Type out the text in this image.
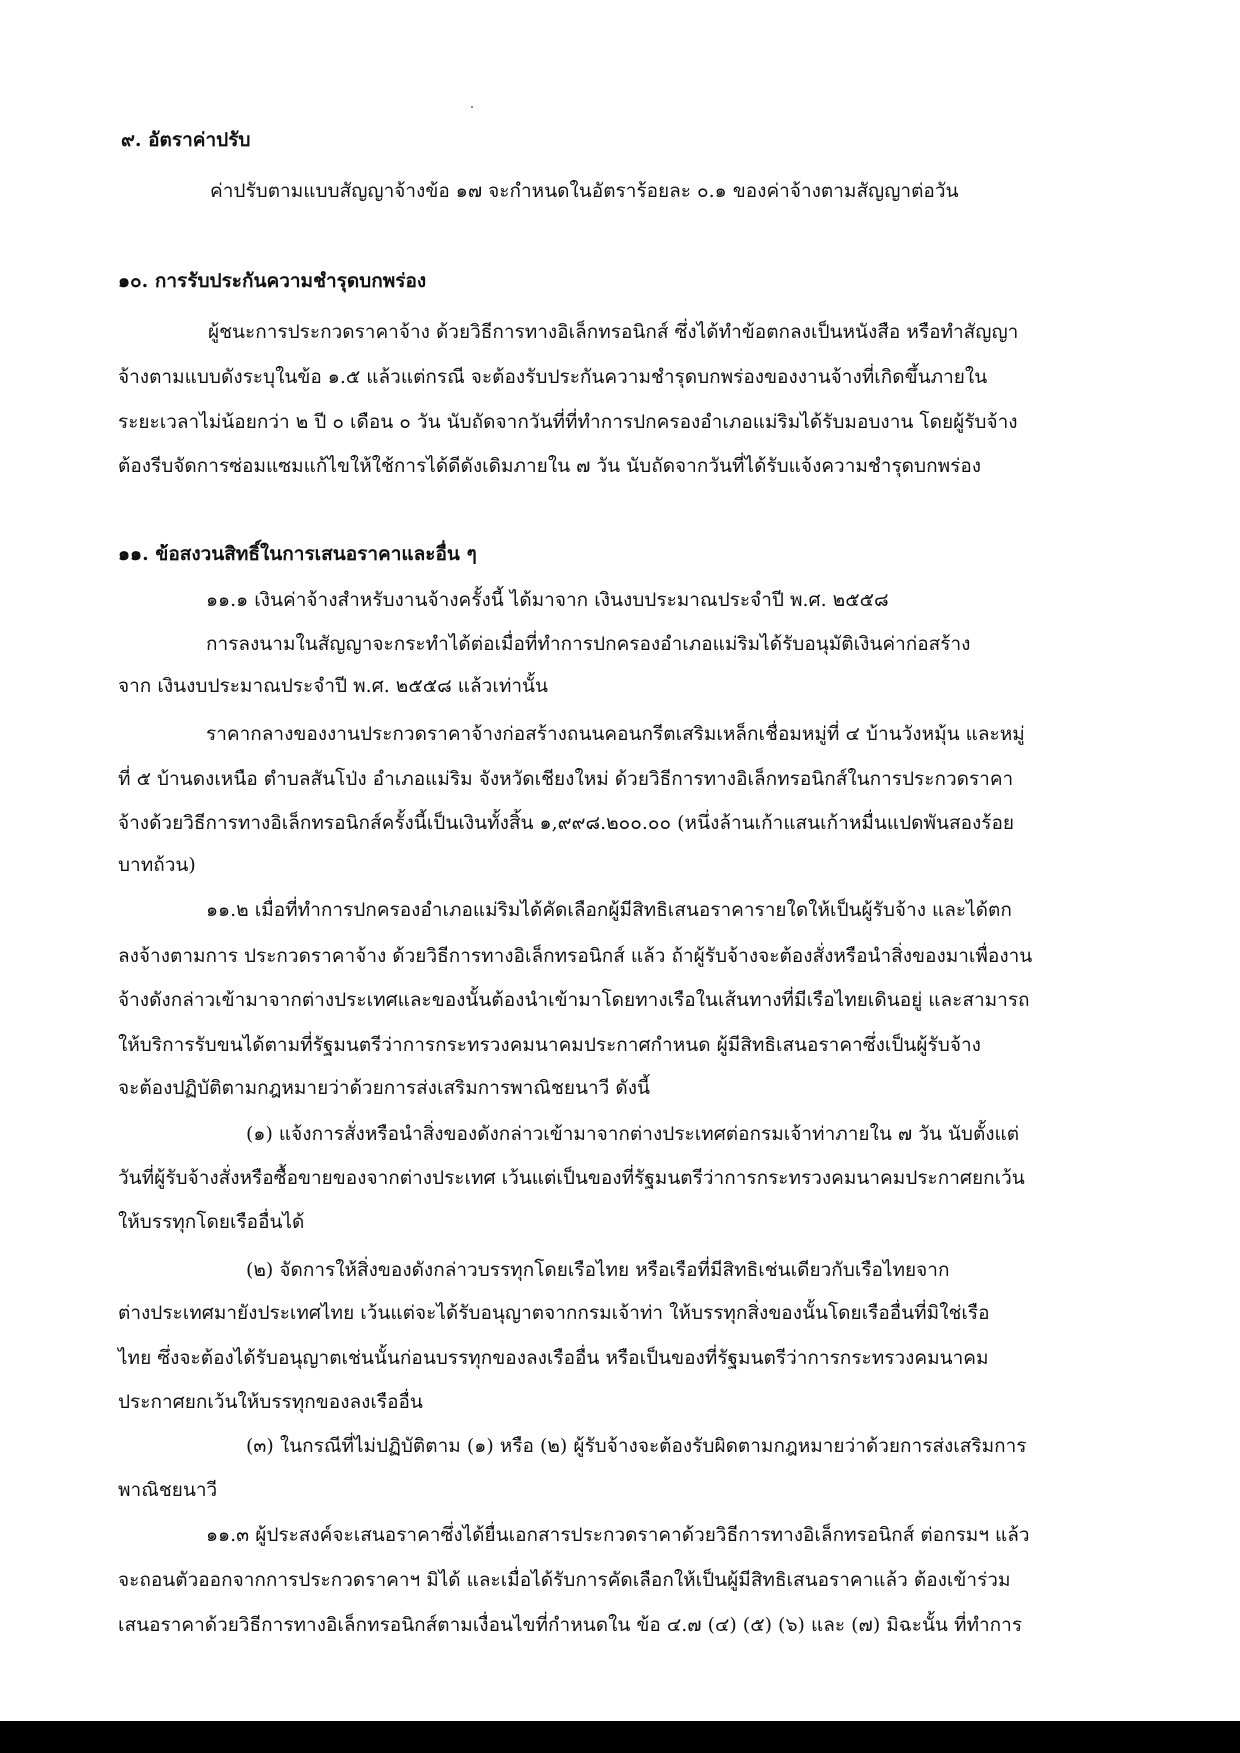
๙. อัตราค่าปรับ
ค่าปรับตามแบบสัญญาจ้างข้อ ๑๗ จะกำหนดในอัตราร้อยละ ๐.๑ ของค่าจ้างตามสัญญาต่อวัน
๑๐. การรับประกันความชำรุดบกพร่อง
ผู้ชนะการประกวดราคาจ้าง ด้วยวิธีการทางอิเล็กทรอนิกส์ ซึ่งได้ทำข้อตกลงเป็นหนังสือ หรือทำสัญญา
จ้างตามแบบดังระบุในข้อ ๑.๕ แล้วแต่กรณี จะต้องรับประกันความชำรุดบกพร่องของงานจ้างที่เกิดขึ้นภายใน
ระยะเวลาไม่น้อยกว่า ๒ ปี ๐ เดือน ๐ วัน นับถัดจากวันที่ที่ทำการปกครองอำเภอแม่ริมได้รับมอบงาน โดยผู้รับจ้าง
ต้องรีบจัดการซ่อมแซมแก้ไขให้ใช้การได้ดีดังเดิมภายใน ๗ วัน นับถัดจากวันที่ได้รับแจ้งความชำรุดบกพร่อง
๑๑. ข้อสงวนสิทธิ์ในการเสนอราคาและอื่น ๆ
๑๑.๑ เงินค่าจ้างสำหรับงานจ้างครั้งนี้ ได้มาจาก เงินงบประมาณประจำปี พ.ศ. ๒๕๕๘
การลงนามในสัญญาจะกระทำได้ต่อเมื่อที่ทำการปกครองอำเภอแม่ริมได้รับอนุมัติเงินค่าก่อสร้าง
จาก เงินงบประมาณประจำปี พ.ศ. ๒๕๕๘ แล้วเท่านั้น
ราคากลางของงานประกวดราคาจ้างก่อสร้างถนนคอนกรีตเสริมเหล็กเชื่อมหมู่ที่ ๔ บ้านวังหมุ้น และหมู่
ที่ ๕ บ้านดงเหนือ ตำบลสันโป่ง อำเภอแม่ริม จังหวัดเชียงใหม่ ด้วยวิธีการทางอิเล็กทรอนิกส์ในการประกวดราคา
จ้างด้วยวิธีการทางอิเล็กทรอนิกส์ครั้งนี้เป็นเงินทั้งสิ้น ๑,๙๙๘.๒๐๐.๐๐ (หนึ่งล้านเก้าแสนเก้าหมื่นแปดพันสองร้อย
บาทถ้วน)
๑๑.๒ เมื่อที่ทำการปกครองอำเภอแม่ริมได้คัดเลือกผู้มีสิทธิเสนอราคารายใดให้เป็นผู้รับจ้าง และได้ตก
ลงจ้างตามการ ประกวดราคาจ้าง ด้วยวิธีการทางอิเล็กทรอนิกส์ แล้ว ถ้าผู้รับจ้างจะต้องสั่งหรือนำสิ่งของมาเพื่องาน
จ้างดังกล่าวเข้ามาจากต่างประเทศและของนั้นต้องนำเข้ามาโดยทางเรือในเส้นทางที่มีเรือไทยเดินอยู่ และสามารถ
ให้บริการรับขนได้ตามที่รัฐมนตรีว่าการกระทรวงคมนาคมประกาศกำหนด ผู้มีสิทธิเสนอราคาซึ่งเป็นผู้รับจ้าง
จะต้องปฏิบัติตามกฎหมายว่าด้วยการส่งเสริมการพาณิชยนาวี ดังนี้
(๑) แจ้งการสั่งหรือนำสิ่งของดังกล่าวเข้ามาจากต่างประเทศต่อกรมเจ้าท่าภายใน ๗ วัน นับตั้งแต่
วันที่ผู้รับจ้างสั่งหรือซื้อขายของจากต่างประเทศ เว้นแต่เป็นของที่รัฐมนตรีว่าการกระทรวงคมนาคมประกาศยกเว้น
ให้บรรทุกโดยเรืออื่นได้
(๒) จัดการให้สิ่งของดังกล่าวบรรทุกโดยเรือไทย หรือเรือที่มีสิทธิเช่นเดียวกับเรือไทยจาก
ต่างประเทศมายังประเทศไทย เว้นแต่จะได้รับอนุญาตจากกรมเจ้าท่า ให้บรรทุกสิ่งของนั้นโดยเรืออื่นที่มิใช่เรือ
ไทย ซึ่งจะต้องได้รับอนุญาตเช่นนั้นก่อนบรรทุกของลงเรืออื่น หรือเป็นของที่รัฐมนตรีว่าการกระทรวงคมนาคม
ประกาศยกเว้นให้บรรทุกของลงเรืออื่น
(๓) ในกรณีที่ไม่ปฏิบัติตาม (๑) หรือ (๒) ผู้รับจ้างจะต้องรับผิดตามกฎหมายว่าด้วยการส่งเสริมการ
พาณิชยนาวี
๑๑.๓ ผู้ประสงค์จะเสนอราคาซึ่งได้ยื่นเอกสารประกวดราคาด้วยวิธีการทางอิเล็กทรอนิกส์ ต่อกรมฯ แล้ว
จะถอนตัวออกจากการประกวดราคาฯ มิได้ และเมื่อได้รับการคัดเลือกให้เป็นผู้มีสิทธิเสนอราคาแล้ว ต้องเข้าร่วม
เสนอราคาด้วยวิธีการทางอิเล็กทรอนิกส์ตามเงื่อนไขที่กำหนดใน ข้อ ๔.๗ (๔) (๕) (๖) และ (๗) มิฉะนั้น ที่ทำการ
